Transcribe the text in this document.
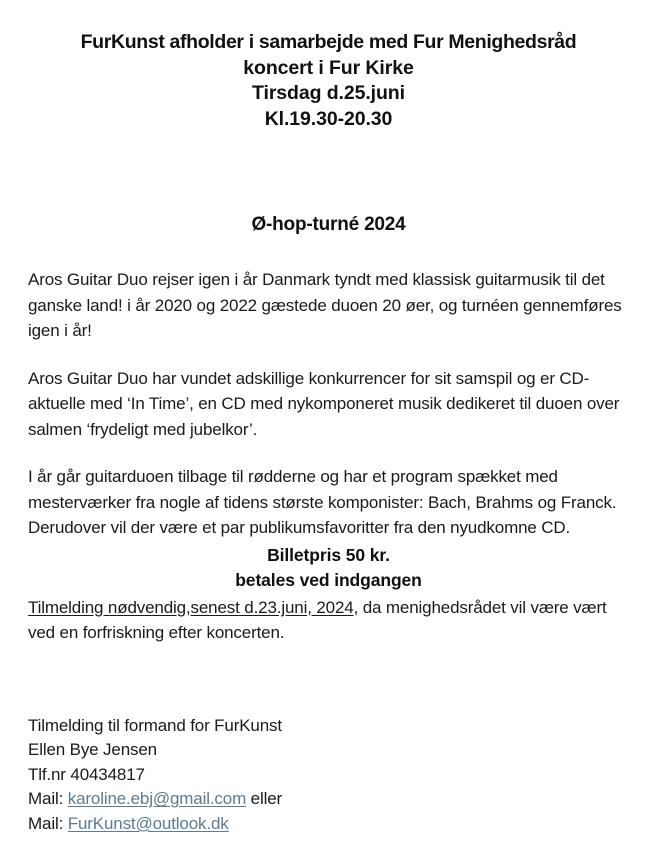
FurKunst afholder i samarbejde med Fur Menighedsråd
koncert i Fur Kirke
Tirsdag d.25.juni
Kl.19.30-20.30
Ø-hop-turné 2024

Aros Guitar Duo rejser igen i år Danmark tyndt med klassisk guitarmusik til det ganske land! i år 2020 og 2022 gæstede duoen 20 øer, og turnéen gennemføres igen i år!

Aros Guitar Duo har vundet adskillige konkurrencer for sit samspil og er CD-aktuelle med ‘In Time’, en CD med nykomponeret musik dedikeret til duoen over salmen ‘frydeligt med jubelkor’.

I år går guitarduoen tilbage til rødderne og har et program spækket med mesterværker fra nogle af tidens største komponister: Bach, Brahms og Franck. Derudover vil der være et par publikumsfavoritter fra den nyudkomne CD.

Billetpris 50 kr.
betales ved indgangen
Tilmelding nødvendig,senest d.23.juni, 2024, da menighedsrådet vil være vært ved en forfriskning efter koncerten.
Tilmelding til formand for FurKunst
Ellen Bye Jensen
Tlf.nr 40434817
Mail: karoline.ebj@gmail.com eller
Mail: FurKunst@outlook.dk
